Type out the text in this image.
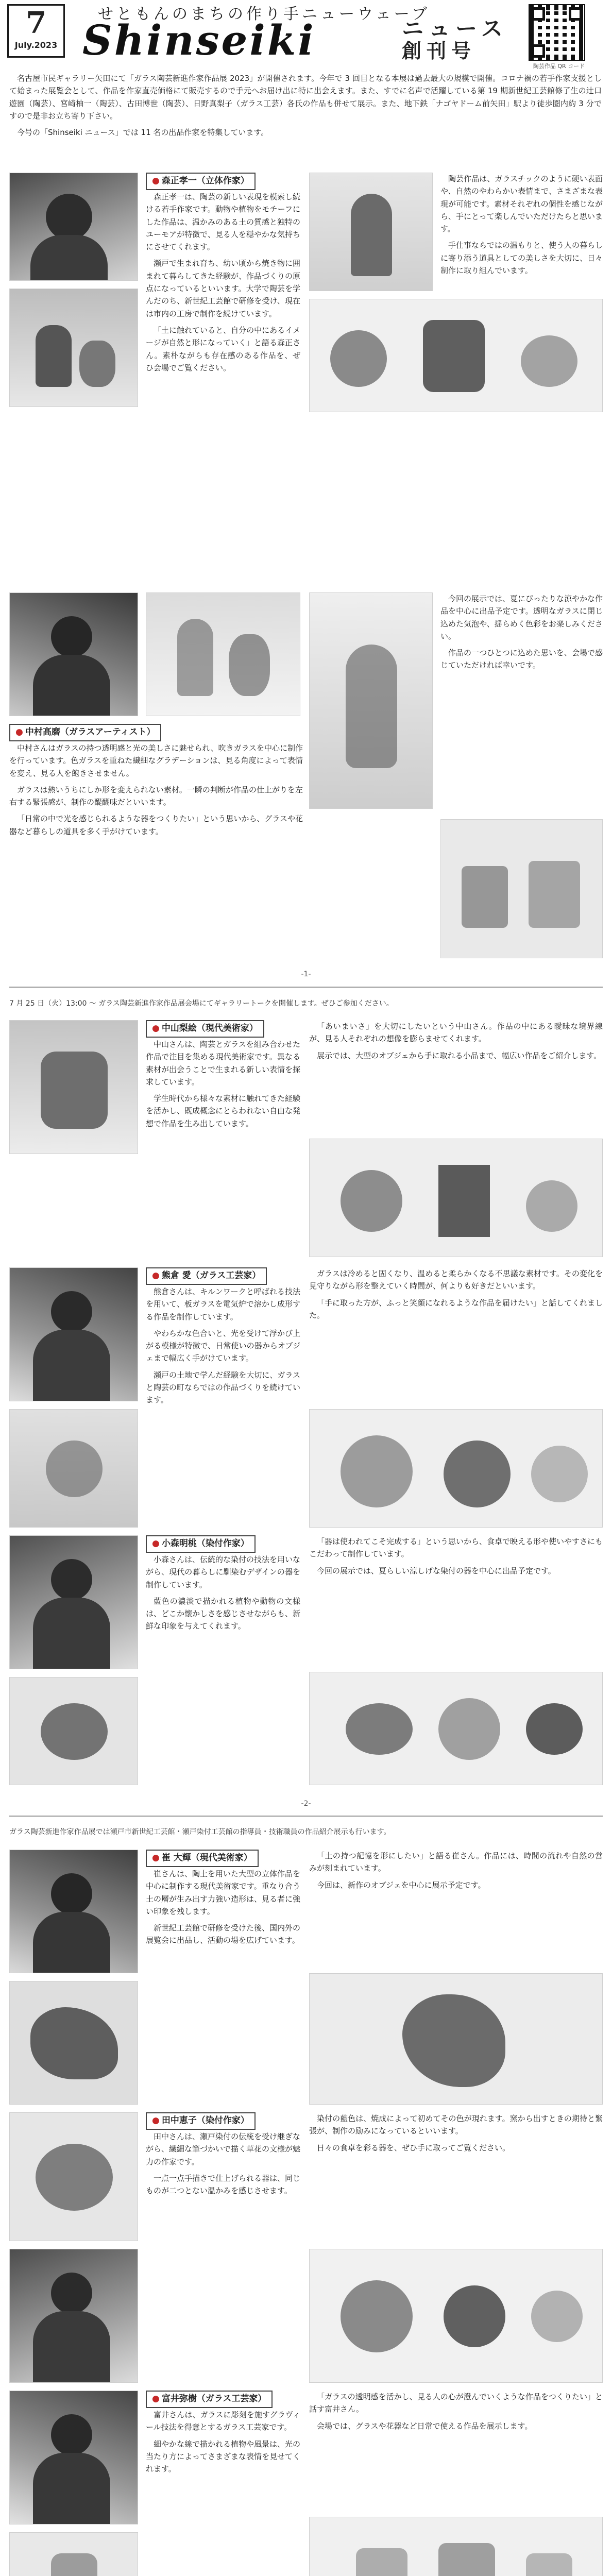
7
July.2023
せともんのまちの作り手ニューウェーブ
Shinseiki	ニュース
創刊号
陶芸作品 QR コード

名古屋市民ギャラリー矢田にて「ガラス陶芸新進作家作品展 2023」が開催されます。今年で 3 回目となる本展は過去最大の規模で開催。コロナ禍の若手作家支援として始まった展覧会として、作品を作家直売価格にて販売するので手元へお届け出に特に出会えます。また、すでに名声で活躍している第 19 期新世紀工芸館修了生の辻口遊園（陶芸）、宮崎柚一（陶芸）、古田博世（陶芸）、日野真梨子（ガラス工芸）各氏の作品も併せて展示。また、地下鉄「ナゴヤドーム前矢田」駅より徒歩圏内約 3 分ですので是非お立ち寄り下さい。

今号の「Shinseiki ニュース」では 11 名の出品作家を特集しています。

● 森正孝一（立体作家）

森正孝一は、陶芸の新しい表現を模索し続ける若手作家です。動物や植物をモチーフにした作品は、温かみのある土の質感と独特のユーモアが特徴で、見る人を穏やかな気持ちにさせてくれます。

瀬戸で生まれ育ち、幼い頃から焼き物に囲まれて暮らしてきた経験が、作品づくりの原点になっているといいます。大学で陶芸を学んだのち、新世紀工芸館で研修を受け、現在は市内の工房で制作を続けています。

「土に触れていると、自分の中にあるイメージが自然と形になっていく」と語る森正さん。素朴ながらも存在感のある作品を、ぜひ会場でご覧ください。

陶芸作品は、ガラスチックのように硬い表面や、自然のやわらかい表情まで、さまざまな表現が可能です。素材それぞれの個性を感じながら、手にとって楽しんでいただけたらと思います。

手仕事ならではの温もりと、使う人の暮らしに寄り添う道具としての美しさを大切に、日々制作に取り組んでいます。

● 中村高磨（ガラスアーティスト）

中村さんはガラスの持つ透明感と光の美しさに魅せられ、吹きガラスを中心に制作を行っています。色ガラスを重ねた繊細なグラデーションは、見る角度によって表情を変え、見る人を飽きさせません。

ガラスは熱いうちにしか形を変えられない素材。一瞬の判断が作品の仕上がりを左右する緊張感が、制作の醍醐味だといいます。

「日常の中で光を感じられるような器をつくりたい」という思いから、グラスや花器など暮らしの道具を多く手がけています。

今回の展示では、夏にぴったりな涼やかな作品を中心に出品予定です。透明なガラスに閉じ込めた気泡や、揺らめく色彩をお楽しみください。

作品の一つひとつに込めた思いを、会場で感じていただければ幸いです。

-1-
7 月 25 日（火）13:00 〜 ガラス陶芸新進作家作品展会場にてギャラリートークを開催します。ぜひご参加ください。
● 中山梨絵（現代美術家）

中山さんは、陶芸とガラスを組み合わせた作品で注目を集める現代美術家です。異なる素材が出会うことで生まれる新しい表情を探求しています。

学生時代から様々な素材に触れてきた経験を活かし、既成概念にとらわれない自由な発想で作品を生み出しています。

「あいまいさ」を大切にしたいという中山さん。作品の中にある曖昧な境界線が、見る人それぞれの想像を膨らませてくれます。

展示では、大型のオブジェから手に取れる小品まで、幅広い作品をご紹介します。

● 熊倉 愛（ガラス工芸家）

熊倉さんは、キルンワークと呼ばれる技法を用いて、板ガラスを電気炉で溶かし成形する作品を制作しています。

やわらかな色合いと、光を受けて浮かび上がる模様が特徴で、日常使いの器からオブジェまで幅広く手がけています。

瀬戸の土地で学んだ経験を大切に、ガラスと陶芸の町ならではの作品づくりを続けています。

ガラスは冷めると固くなり、温めると柔らかくなる不思議な素材です。その変化を見守りながら形を整えていく時間が、何よりも好きだといいます。

「手に取った方が、ふっと笑顔になれるような作品を届けたい」と話してくれました。

● 小森明桃（染付作家）

小森さんは、伝統的な染付の技法を用いながら、現代の暮らしに馴染むデザインの器を制作しています。

藍色の濃淡で描かれる植物や動物の文様は、どこか懐かしさを感じさせながらも、新鮮な印象を与えてくれます。

「器は使われてこそ完成する」という思いから、食卓で映える形や使いやすさにもこだわって制作しています。

今回の展示では、夏らしい涼しげな染付の器を中心に出品予定です。

-2-
ガラス陶芸新進作家作品展では瀬戸市新世紀工芸館・瀬戸染付工芸館の指導員・技術職員の作品紹介展示も行います。
● 崔 大輝（現代美術家）

崔さんは、陶土を用いた大型の立体作品を中心に制作する現代美術家です。重なり合う土の層が生み出す力強い造形は、見る者に強い印象を残します。

新世紀工芸館で研修を受けた後、国内外の展覧会に出品し、活動の場を広げています。

「土の持つ記憶を形にしたい」と語る崔さん。作品には、時間の流れや自然の営みが刻まれています。

今回は、新作のオブジェを中心に展示予定です。

● 田中恵子（染付作家）

田中さんは、瀬戸染付の伝統を受け継ぎながら、繊細な筆づかいで描く草花の文様が魅力の作家です。

一点一点手描きで仕上げられる器は、同じものが二つとない温かみを感じさせます。

染付の藍色は、焼成によって初めてその色が現れます。窯から出すときの期待と緊張が、制作の励みになっているといいます。

日々の食卓を彩る器を、ぜひ手に取ってご覧ください。

● 富井弥樹（ガラス工芸家）

富井さんは、ガラスに彫刻を施すグラヴィール技法を得意とするガラス工芸家です。

細やかな線で描かれる植物や風景は、光の当たり方によってさまざまな表情を見せてくれます。

「ガラスの透明感を活かし、見る人の心が澄んでいくような作品をつくりたい」と話す富井さん。

会場では、グラスや花器など日常で使える作品を展示します。
